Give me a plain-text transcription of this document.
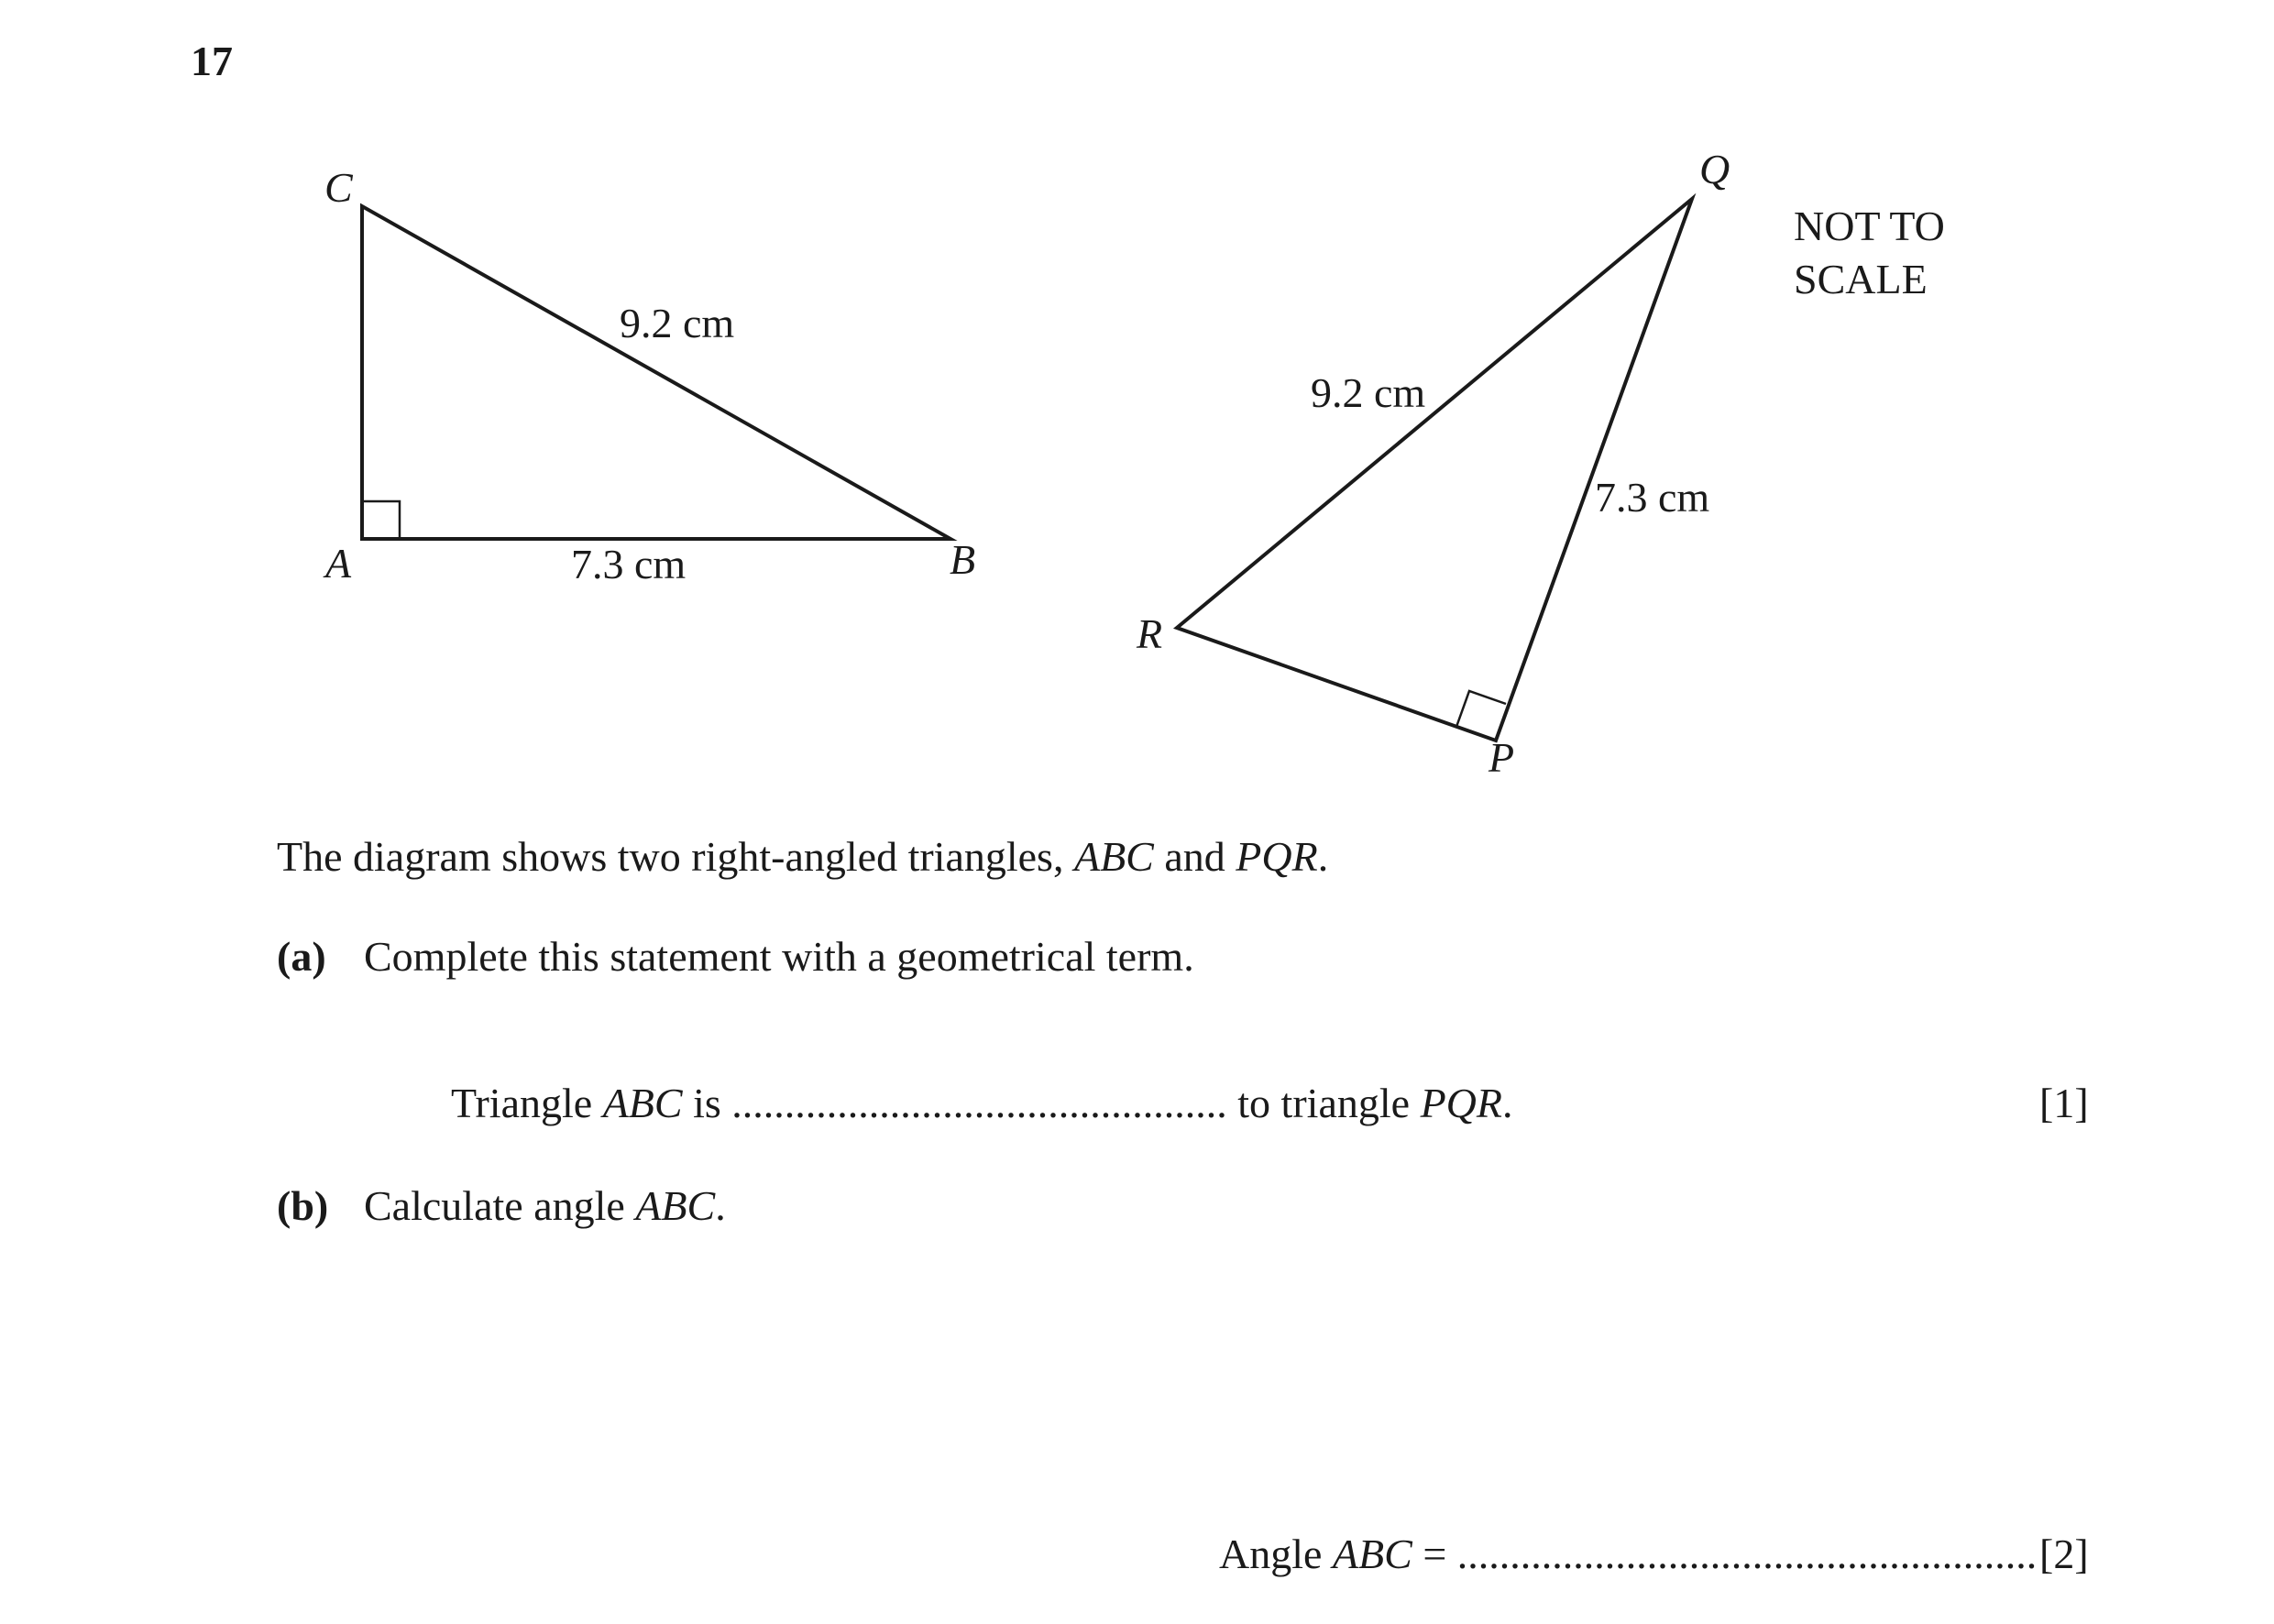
17
C
A	B
9.2 cm
7.3 cm
Q
R
P
9.2 cm
7.3 cm
NOT TO
SCALE
The diagram shows two right-angled triangles, ABC and PQR.
(a) Complete this statement with a geometrical term.
Triangle ABC is ............................................... to triangle PQR.	[1]
(b) Calculate angle ABC.
Angle ABC = ....................................................... [2]
